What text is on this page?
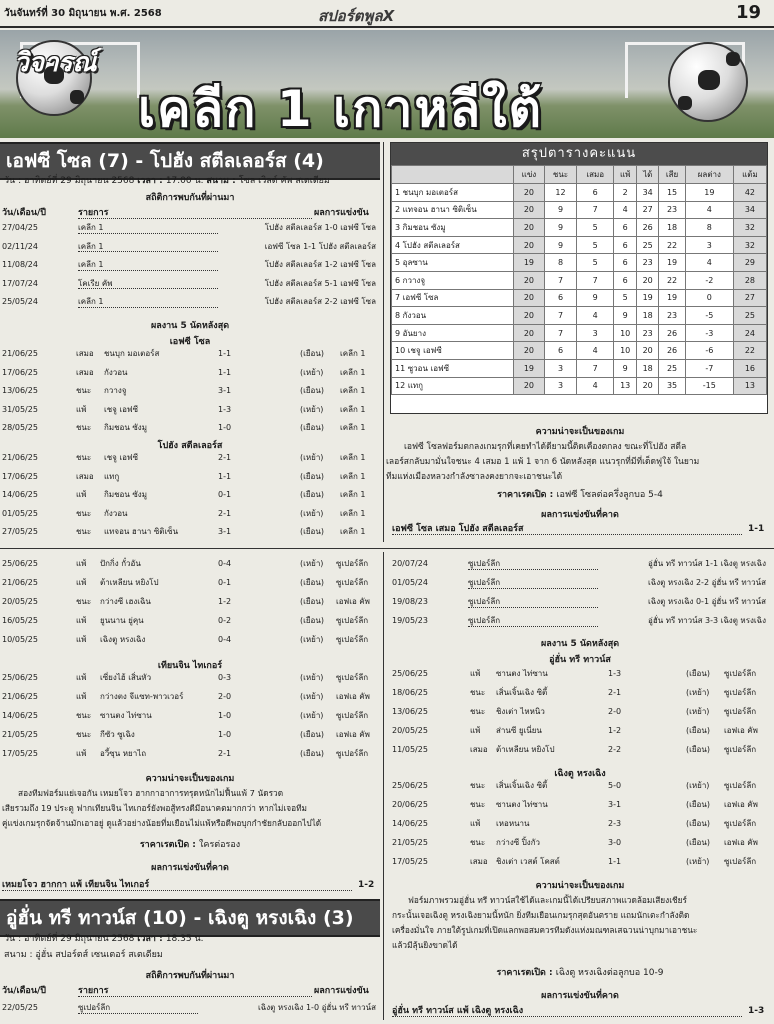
วันจันทร์ที่ 30 มิถุนายน พ.ศ. 2568	สปอร์ตพูลX	19
วิจารณ์
เคลีก 1 เกาหลีใต้
เอฟซี โซล (7) - โปฮัง สตีลเลอร์ส (4)
วัน : อาทิตย์ที่ 29 มิถุนายน 2568 เวลา : 17.00 น. สนาม : โซล เวิลด์ คัพ สเตเดียม
สถิติการพบกันที่ผ่านมา
วัน/เดือน/ปี	รายการ	ผลการแข่งขัน
27/04/25	เคลีก 1	โปฮัง สตีลเลอร์ส 1-0 เอฟซี โซล
02/11/24	เคลีก 1	เอฟซี โซล 1-1 โปฮัง สตีลเลอร์ส
11/08/24	เคลีก 1	โปฮัง สตีลเลอร์ส 1-2 เอฟซี โซล
17/07/24	โคเรีย คัพ	โปฮัง สตีลเลอร์ส 5-1 เอฟซี โซล
25/05/24	เคลีก 1	โปฮัง สตีลเลอร์ส 2-2 เอฟซี โซล
ผลงาน 5 นัดหลังสุด
เอฟซี โซล
21/06/25	เสมอ ชนบุก มอเตอร์ส	1-1	(เยือน) เคลีก 1
17/06/25	เสมอ กังวอน	1-1	(เหย้า) เคลีก 1
13/06/25	ชนะ กวางจู	3-1	(เยือน) เคลีก 1
31/05/25	แพ้ เชจู เอฟซี	1-3	(เหย้า) เคลีก 1
28/05/25	ชนะ กิมชอน ซังมู	1-0	(เยือน) เคลีก 1
โปฮัง สตีลเลอร์ส
21/06/25	ชนะ เชจู เอฟซี	2-1	(เหย้า) เคลีก 1
17/06/25	เสมอ แทกู	1-1	(เยือน) เคลีก 1
14/06/25	แพ้ กิมชอน ซังมู	0-1	(เยือน) เคลีก 1
01/05/25	ชนะ กังวอน	2-1	(เหย้า) เคลีก 1
27/05/25	ชนะ แทจอน ฮานา ซิติเซ็น	3-1	(เยือน) เคลีก 1
สรุปตารางคะแนน
	แข่ง	ชนะ	เสมอ	แพ้	ได้	เสีย	ผลต่าง	แต้ม
1 ชนบุก มอเตอร์ส	20	12	6	2	34	15	19	42
2 แทจอน ฮานา ซิติเซ็น	20	9	7	4	27	23	4	34
3 กิมชอน ซังมู	20	9	5	6	26	18	8	32
4 โปฮัง สตีลเลอร์ส	20	9	5	6	25	22	3	32
5 อุลซาน	19	8	5	6	23	19	4	29
6 กวางจู	20	7	7	6	20	22	-2	28
7 เอฟซี โซล	20	6	9	5	19	19	0	27
8 กังวอน	20	7	4	9	18	23	-5	25
9 อันยาง	20	7	3	10	23	26	-3	24
10 เชจู เอฟซี	20	6	4	10	20	26	-6	22
11 ซูวอน เอฟซี	19	3	7	9	18	25	-7	16
12 แทกู	20	3	4	13	20	35	-15	13
ความน่าจะเป็นของเกม
เอฟซี โซลฟอร์มตกลงเกมรุกที่เคยทำได้ดียามนี้ติดเคืองตกลง ขณะที่โปฮัง สตีล
เลอร์สกลับมามั่นใจชนะ 4 เสมอ 1 แพ้ 1 จาก 6 นัดหลังสุด แนวรุกที่มีที่เด็ดฟูใจ้ ในยาม
ทีมแห่งเมืองหลวงกำลังซาลงคงยากจะเอาชนะได้
ราคาเรตเปิด : เอฟซี โซลต่อครึ่งลูกบอ 5-4
ผลการแข่งขันที่คาด
เอฟซี โซล เสมอ โปฮัง สตีลเลอร์ส	1-1
25/06/25	แพ้ ปักกิ่ง กั๋วอัน	0-4	(เหย้า) ซูเปอร์ลีก
21/06/25	แพ้ ต้าเหลียน หยิงโป	0-1	(เยือน) ซูเปอร์ลีก
20/05/25	ชนะ กว่างซี เฮงเฉิน	1-2	(เยือน) เอฟเอ คัพ
16/05/25	แพ้ ยูนนาน ยู่คุน	0-2	(เยือน) ซูเปอร์ลีก
10/05/25	แพ้ เฉิงตู หรงเฉิง	0-4	(เหย้า) ซูเปอร์ลีก
เทียนจิน ไทเกอร์
25/06/25	แพ้ เซี่ยงไฮ้ เสิ่นหัว	0-3	(เหย้า) ซูเปอร์ลีก
21/06/25	แพ้ กว่างตง จีแซท-พาวเวอร์	2-0	(เหย้า) เอฟเอ คัพ
14/06/25	ชนะ ซานตง ไท่ซาน	1-0	(เหย้า) ซูเปอร์ลีก
21/05/25	ชนะ กีซัว ซูเฉิง	1-0	(เยือน) เอฟเอ คัพ
17/05/25	แพ้ อวี้ซุน หยาไถ	2-1	(เยือน) ซูเปอร์ลีก
ความน่าจะเป็นของเกม
สองทีมฟอร์มแย่เจอกัน เหมยโจว ฮากกาอาการทรุดหนักไม่ฟื้นแพ้ 7 นัดรวด
เสียรวมถึง 19 ประตู ฟากเทียนจิน ไทเกอร์ยังพอสู้ทรงดีมีอนาคตมากกว่า หากไม่เจอทีม
คู่แข่งเกมรุกจัดจ้านมักเอาอยู่ ดูแล้วอย่างน้อยที่มเยือนไม่แพ้หรือดีพอบุกกำชัยกลับออกไปได้
ราคาเรตเปิด : ใครต่อรอง
ผลการแข่งขันที่คาด
เหมยโจว ฮากกา แพ้ เทียนจิน ไทเกอร์	1-2
อู่ฮั่น ทรี ทาวน์ส (10) - เฉิงตู หรงเฉิง (3)
วัน : อาทิตย์ที่ 29 มิถุนายน 2568 เวลา : 18.35 น.
สนาม : อู่ฮั่น สปอร์ตส์ เซนเตอร์ สเตเดียม
สถิติการพบกันที่ผ่านมา
วัน/เดือน/ปี	รายการ	ผลการแข่งขัน
22/05/25	ซูเปอร์ลีก	เฉิงตู หรงเฉิง 1-0 อู่ฮั่น ทรี ทาวน์ส
20/07/24	ซูเปอร์ลีก	อู่ฮั่น ทรี ทาวน์ส 1-1 เฉิงตู หรงเฉิง
01/05/24	ซูเปอร์ลีก	เฉิงตู หรงเฉิง 2-2 อู่ฮั่น ทรี ทาวน์ส
19/08/23	ซูเปอร์ลีก	เฉิงตู หรงเฉิง 0-1 อู่ฮั่น ทรี ทาวน์ส
19/05/23	ซูเปอร์ลีก	อู่ฮั่น ทรี ทาวน์ส 3-3 เฉิงตู หรงเฉิง
ผลงาน 5 นัดหลังสุด
อู่ฮั่น ทรี ทาวน์ส
25/06/25	แพ้ ซานตง ไท่ซาน	1-3	(เยือน) ซูเปอร์ลีก
18/06/25	ชนะ เสิ่นเจิ้นเฉิง ซิตี้	2-1	(เหย้า) ซูเปอร์ลีก
13/06/25	ชนะ ชิงเต่า ไหหนิว	2-0	(เหย้า) ซูเปอร์ลีก
20/05/25	แพ้ ส่านซี ยูเนี่ยน	1-2	(เยือน) เอฟเอ คัพ
11/05/25	เสมอ ต้าเหลียน หยิงโป	2-2	(เยือน) ซูเปอร์ลีก
เฉิงตู หรงเฉิง
25/06/25	ชนะ เสิ่นเจิ้นเฉิง ซิตี้	5-0	(เหย้า) ซูเปอร์ลีก
20/06/25	ชนะ ซานตง ไท่ซาน	3-1	(เยือน) เอฟเอ คัพ
14/06/25	แพ้ เหอหนาน	2-3	(เยือน) ซูเปอร์ลีก
21/05/25	ชนะ กว่างซี ปิ้งกัว	3-0	(เยือน) เอฟเอ คัพ
17/05/25	เสมอ ชิงเต่า เวสต์ โคสต์	1-1	(เหย้า) ซูเปอร์ลีก
ความน่าจะเป็นของเกม
ฟอร์มภาพรวมอู่ฮั่น ทรี ทาวน์สใช้ได้และเกมนี้ได้เปรียบสภาพแวดล้อมเสียงเชียร์
กระนั้นเจอเฉิงตู หรงเฉิงยามนี้หนัก ยิ่งทีมเยือนเกมรุกสุดอันตราย แถมนักเตะกำลังติด
เครื่องมั่นใจ ภายใต้รูปเกมที่เปิดแลกพอสมควรทีมดังแห่งมณฑลเสฉวนน่าบุกมาเอาชนะ
แล้วมีลุ้นยิงขาดได้
ราคาเรตเปิด : เฉิงตู หรงเฉิงต่อลูกบอ 10-9
ผลการแข่งขันที่คาด
อู่ฮั่น ทรี ทาวน์ส แพ้ เฉิงตู หรงเฉิง	1-3
